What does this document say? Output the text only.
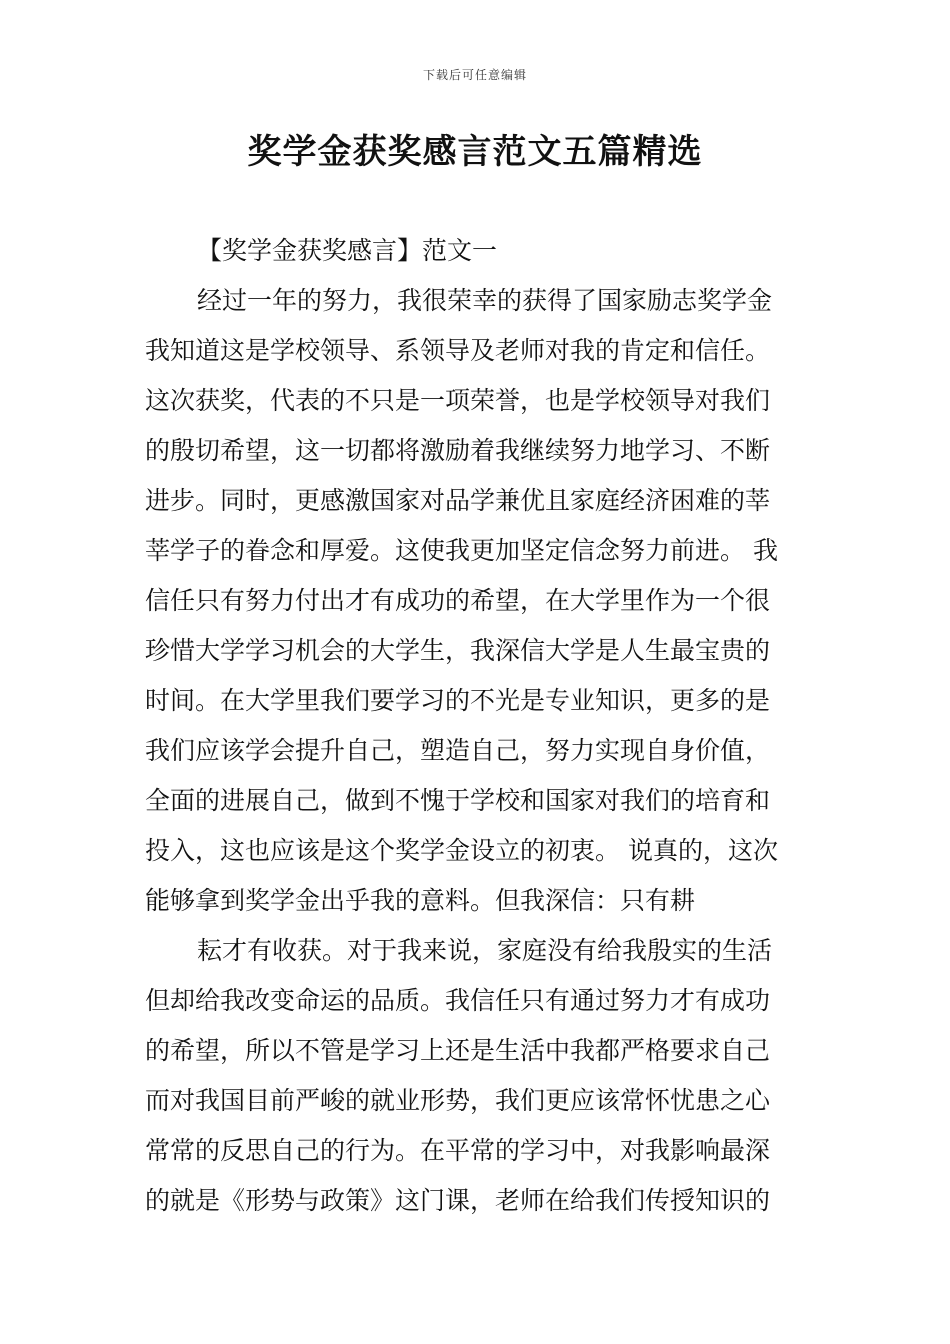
下载后可任意编辑
奖学金获奖感言范文五篇精选
【奖学金获奖感言】范文一
经过一年的努力，我很荣幸的获得了国家励志奖学金
我知道这是学校领导、系领导及老师对我的肯定和信任。
这次获奖，代表的不只是一项荣誉，也是学校领导对我们
的殷切希望，这一切都将激励着我继续努力地学习、不断
进步。同时，更感激国家对品学兼优且家庭经济困难的莘
莘学子的眷念和厚爱。这使我更加坚定信念努力前进。 我
信任只有努力付出才有成功的希望，在大学里作为一个很
珍惜大学学习机会的大学生，我深信大学是人生最宝贵的
时间。在大学里我们要学习的不光是专业知识，更多的是
我们应该学会提升自己，塑造自己，努力实现自身价值，
全面的进展自己，做到不愧于学校和国家对我们的培育和
投入，这也应该是这个奖学金设立的初衷。 说真的，这次
能够拿到奖学金出乎我的意料。但我深信：只有耕
耘才有收获。对于我来说，家庭没有给我殷实的生活
但却给我改变命运的品质。我信任只有通过努力才有成功
的希望，所以不管是学习上还是生活中我都严格要求自己
而对我国目前严峻的就业形势，我们更应该常怀忧患之心
常常的反思自己的行为。在平常的学习中，对我影响最深
的就是《形势与政策》这门课，老师在给我们传授知识的
